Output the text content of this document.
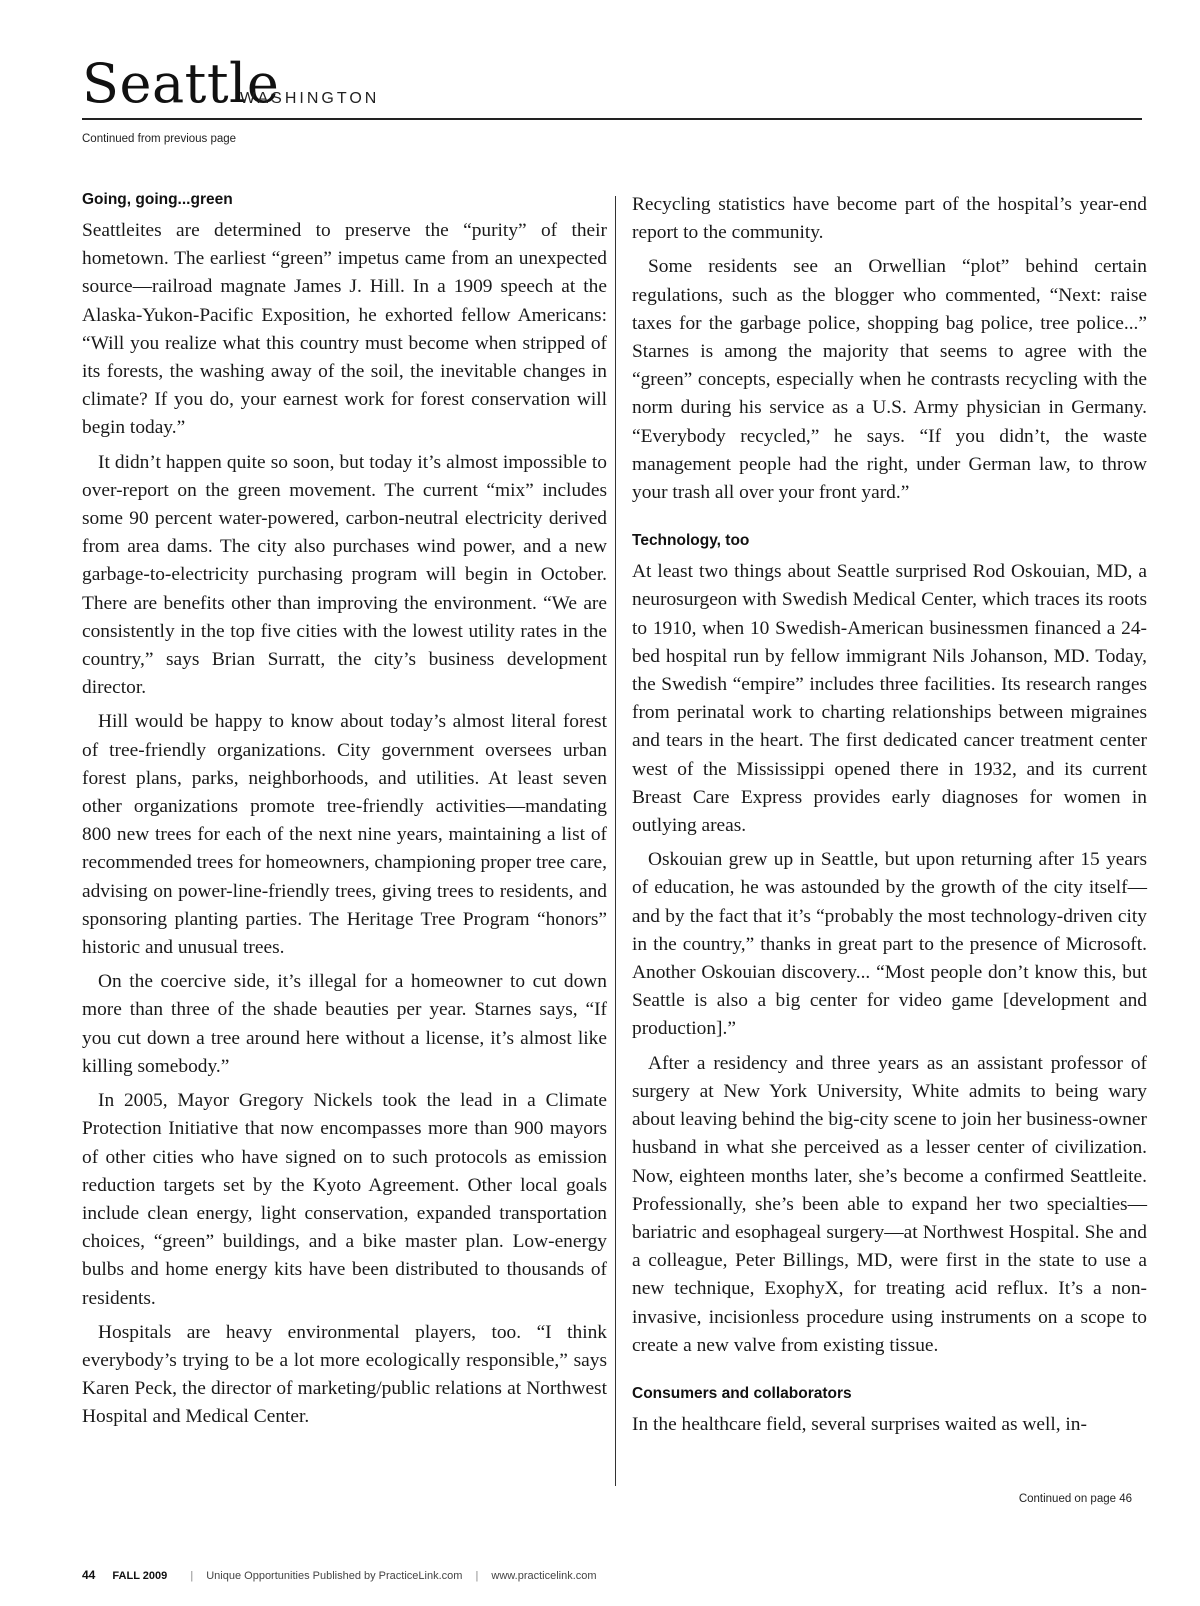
Seattle
WASHINGTON
Continued from previous page
Going, going...green

Seattleites are determined to preserve the “purity” of their hometown. The earliest “green” impetus came from an unexpected source—railroad magnate James J. Hill. In a 1909 speech at the Alaska-Yukon-Pacific Exposition, he exhorted fellow Americans: “Will you realize what this country must become when stripped of its forests, the washing away of the soil, the inevitable changes in climate? If you do, your earnest work for forest conservation will begin today.”

It didn’t happen quite so soon, but today it’s almost impossible to over-report on the green movement. The current “mix” includes some 90 percent water-powered, carbon-neutral electricity derived from area dams. The city also purchases wind power, and a new garbage-to-electricity purchasing program will begin in October. There are benefits other than improving the environment. “We are consistently in the top five cities with the lowest utility rates in the country,” says Brian Surratt, the city’s business development director.

Hill would be happy to know about today’s almost literal forest of tree-friendly organizations. City government oversees urban forest plans, parks, neighborhoods, and utilities. At least seven other organizations promote tree-friendly activities—mandating 800 new trees for each of the next nine years, maintaining a list of recommended trees for homeowners, championing proper tree care, advising on power-line-friendly trees, giving trees to residents, and sponsoring planting parties. The Heritage Tree Program “honors” historic and unusual trees.

On the coercive side, it’s illegal for a homeowner to cut down more than three of the shade beauties per year. Starnes says, “If you cut down a tree around here without a license, it’s almost like killing somebody.”

In 2005, Mayor Gregory Nickels took the lead in a Climate Protection Initiative that now encompasses more than 900 mayors of other cities who have signed on to such protocols as emission reduction targets set by the Kyoto Agreement. Other local goals include clean energy, light conservation, expanded transportation choices, “green” buildings, and a bike master plan. Low-energy bulbs and home energy kits have been distributed to thousands of residents.

Hospitals are heavy environmental players, too. “I think everybody’s trying to be a lot more ecologically responsible,” says Karen Peck, the director of marketing/public relations at Northwest Hospital and Medical Center.

Recycling statistics have become part of the hospital’s year-end report to the community.

Some residents see an Orwellian “plot” behind certain regulations, such as the blogger who commented, “Next: raise taxes for the garbage police, shopping bag police, tree police...” Starnes is among the majority that seems to agree with the “green” concepts, especially when he contrasts recycling with the norm during his service as a U.S. Army physician in Germany. “Everybody recycled,” he says. “If you didn’t, the waste management people had the right, under German law, to throw your trash all over your front yard.”

Technology, too

At least two things about Seattle surprised Rod Oskouian, MD, a neurosurgeon with Swedish Medical Center, which traces its roots to 1910, when 10 Swedish-American businessmen financed a 24-bed hospital run by fellow immigrant Nils Johanson, MD. Today, the Swedish “empire” includes three facilities. Its research ranges from perinatal work to charting relationships between migraines and tears in the heart. The first dedicated cancer treatment center west of the Mississippi opened there in 1932, and its current Breast Care Express provides early diagnoses for women in outlying areas.

Oskouian grew up in Seattle, but upon returning after 15 years of education, he was astounded by the growth of the city itself—and by the fact that it’s “probably the most technology-driven city in the country,” thanks in great part to the presence of Microsoft. Another Oskouian discovery... “Most people don’t know this, but Seattle is also a big center for video game [development and production].”

After a residency and three years as an assistant professor of surgery at New York University, White admits to being wary about leaving behind the big-city scene to join her business-owner husband in what she perceived as a lesser center of civilization. Now, eighteen months later, she’s become a confirmed Seattleite. Professionally, she’s been able to expand her two specialties—bariatric and esophageal surgery—at Northwest Hospital. She and a colleague, Peter Billings, MD, were first in the state to use a new technique, ExophyX, for treating acid reflux. It’s a non-invasive, incisionless procedure using instruments on a scope to create a new valve from existing tissue.

Consumers and collaborators

In the healthcare field, several surprises waited as well, in-

Continued on page 46
44 FALL 2009 | Unique Opportunities Published by PracticeLink.com | www.practicelink.com
